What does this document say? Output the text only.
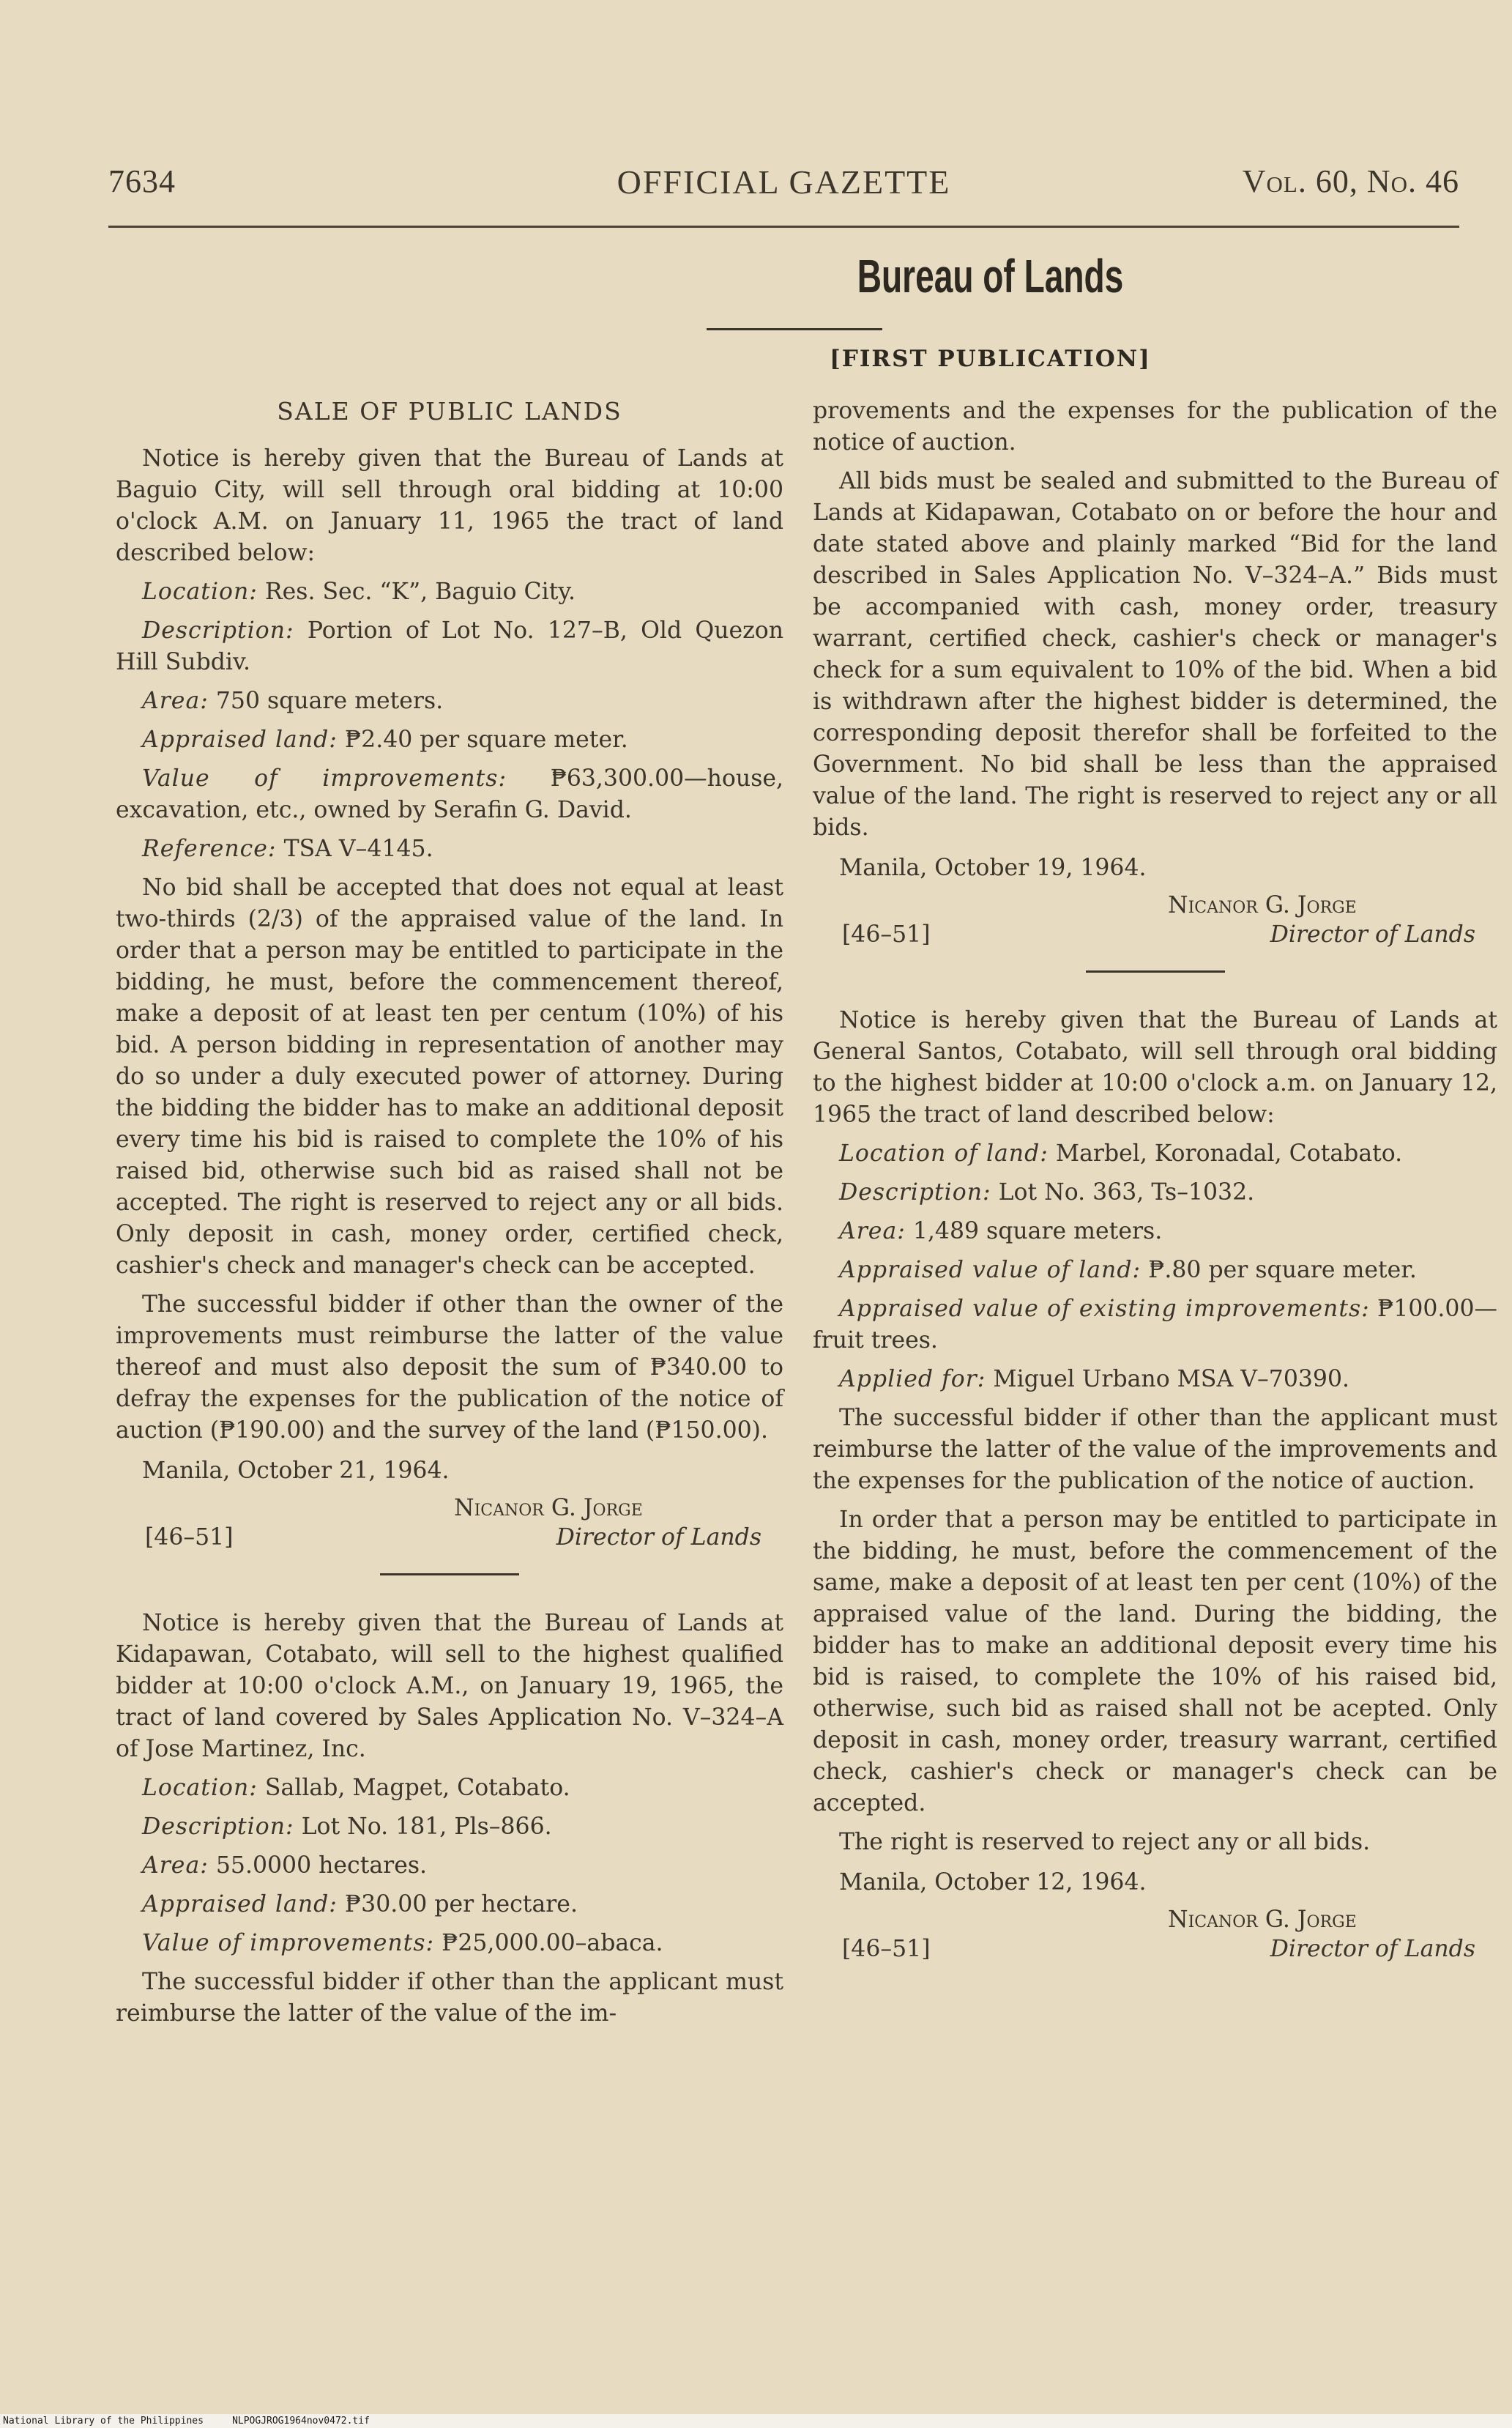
7634	OFFICIAL GAZETTE	Vol. 60, No. 46
Bureau of Lands
[FIRST PUBLICATION]
SALE OF PUBLIC LANDS

Notice is hereby given that the Bureau of Lands at Baguio City, will sell through oral bidding at 10:00 o'clock A.M. on January 11, 1965 the tract of land described below:

Location: Res. Sec. “K”, Baguio City.
Description: Portion of Lot No. 127–B, Old Quezon Hill Subdiv.
Area: 750 square meters.
Appraised land: ₱2.40 per square meter.
Value of improvements: ₱63,300.00—house, excavation, etc., owned by Serafin G. David.
Reference: TSA V–4145.

No bid shall be accepted that does not equal at least two-thirds (2/3) of the appraised value of the land. In order that a person may be entitled to participate in the bidding, he must, before the commencement thereof, make a deposit of at least ten per centum (10%) of his bid. A person bidding in representation of another may do so under a duly executed power of attorney. During the bidding the bidder has to make an additional deposit every time his bid is raised to complete the 10% of his raised bid, otherwise such bid as raised shall not be accepted. The right is reserved to reject any or all bids. Only deposit in cash, money order, certified check, cashier's check and manager's check can be accepted.

The successful bidder if other than the owner of the improvements must reimburse the latter of the value thereof and must also deposit the sum of ₱340.00 to defray the expenses for the publication of the notice of auction (₱190.00) and the survey of the land (₱150.00).

Manila, October 21, 1964.
Nicanor G. Jorge
[46–51]	Director of Lands

Notice is hereby given that the Bureau of Lands at Kidapawan, Cotabato, will sell to the highest qualified bidder at 10:00 o'clock A.M., on January 19, 1965, the tract of land covered by Sales Application No. V–324–A of Jose Martinez, Inc.

Location: Sallab, Magpet, Cotabato.
Description: Lot No. 181, Pls–866.
Area: 55.0000 hectares.
Appraised land: ₱30.00 per hectare.
Value of improvements: ₱25,000.00–abaca.

The successful bidder if other than the applicant must reimburse the latter of the value of the im-

provements and the expenses for the publication of the notice of auction.

All bids must be sealed and submitted to the Bureau of Lands at Kidapawan, Cotabato on or before the hour and date stated above and plainly marked “Bid for the land described in Sales Application No. V–324–A.” Bids must be accompanied with cash, money order, treasury warrant, certified check, cashier's check or manager's check for a sum equivalent to 10% of the bid. When a bid is withdrawn after the highest bidder is determined, the corresponding deposit therefor shall be forfeited to the Government. No bid shall be less than the appraised value of the land. The right is reserved to reject any or all bids.

Manila, October 19, 1964.
Nicanor G. Jorge
[46–51]	Director of Lands

Notice is hereby given that the Bureau of Lands at General Santos, Cotabato, will sell through oral bidding to the highest bidder at 10:00 o'clock a.m. on January 12, 1965 the tract of land described below:

Location of land: Marbel, Koronadal, Cotabato.
Description: Lot No. 363, Ts–1032.
Area: 1,489 square meters.
Appraised value of land: ₱.80 per square meter.
Appraised value of existing improvements: ₱100.00—fruit trees.
Applied for: Miguel Urbano MSA V–70390.

The successful bidder if other than the applicant must reimburse the latter of the value of the improvements and the expenses for the publication of the notice of auction.

In order that a person may be entitled to participate in the bidding, he must, before the commencement of the same, make a deposit of at least ten per cent (10%) of the appraised value of the land. During the bidding, the bidder has to make an additional deposit every time his bid is raised, to complete the 10% of his raised bid, otherwise, such bid as raised shall not be acepted. Only deposit in cash, money order, treasury warrant, certified check, cashier's check or manager's check can be accepted.

The right is reserved to reject any or all bids.

Manila, October 12, 1964.
Nicanor G. Jorge
[46–51]	Director of Lands
National Library of the Philippines     NLPOGJROG1964nov0472.tif
